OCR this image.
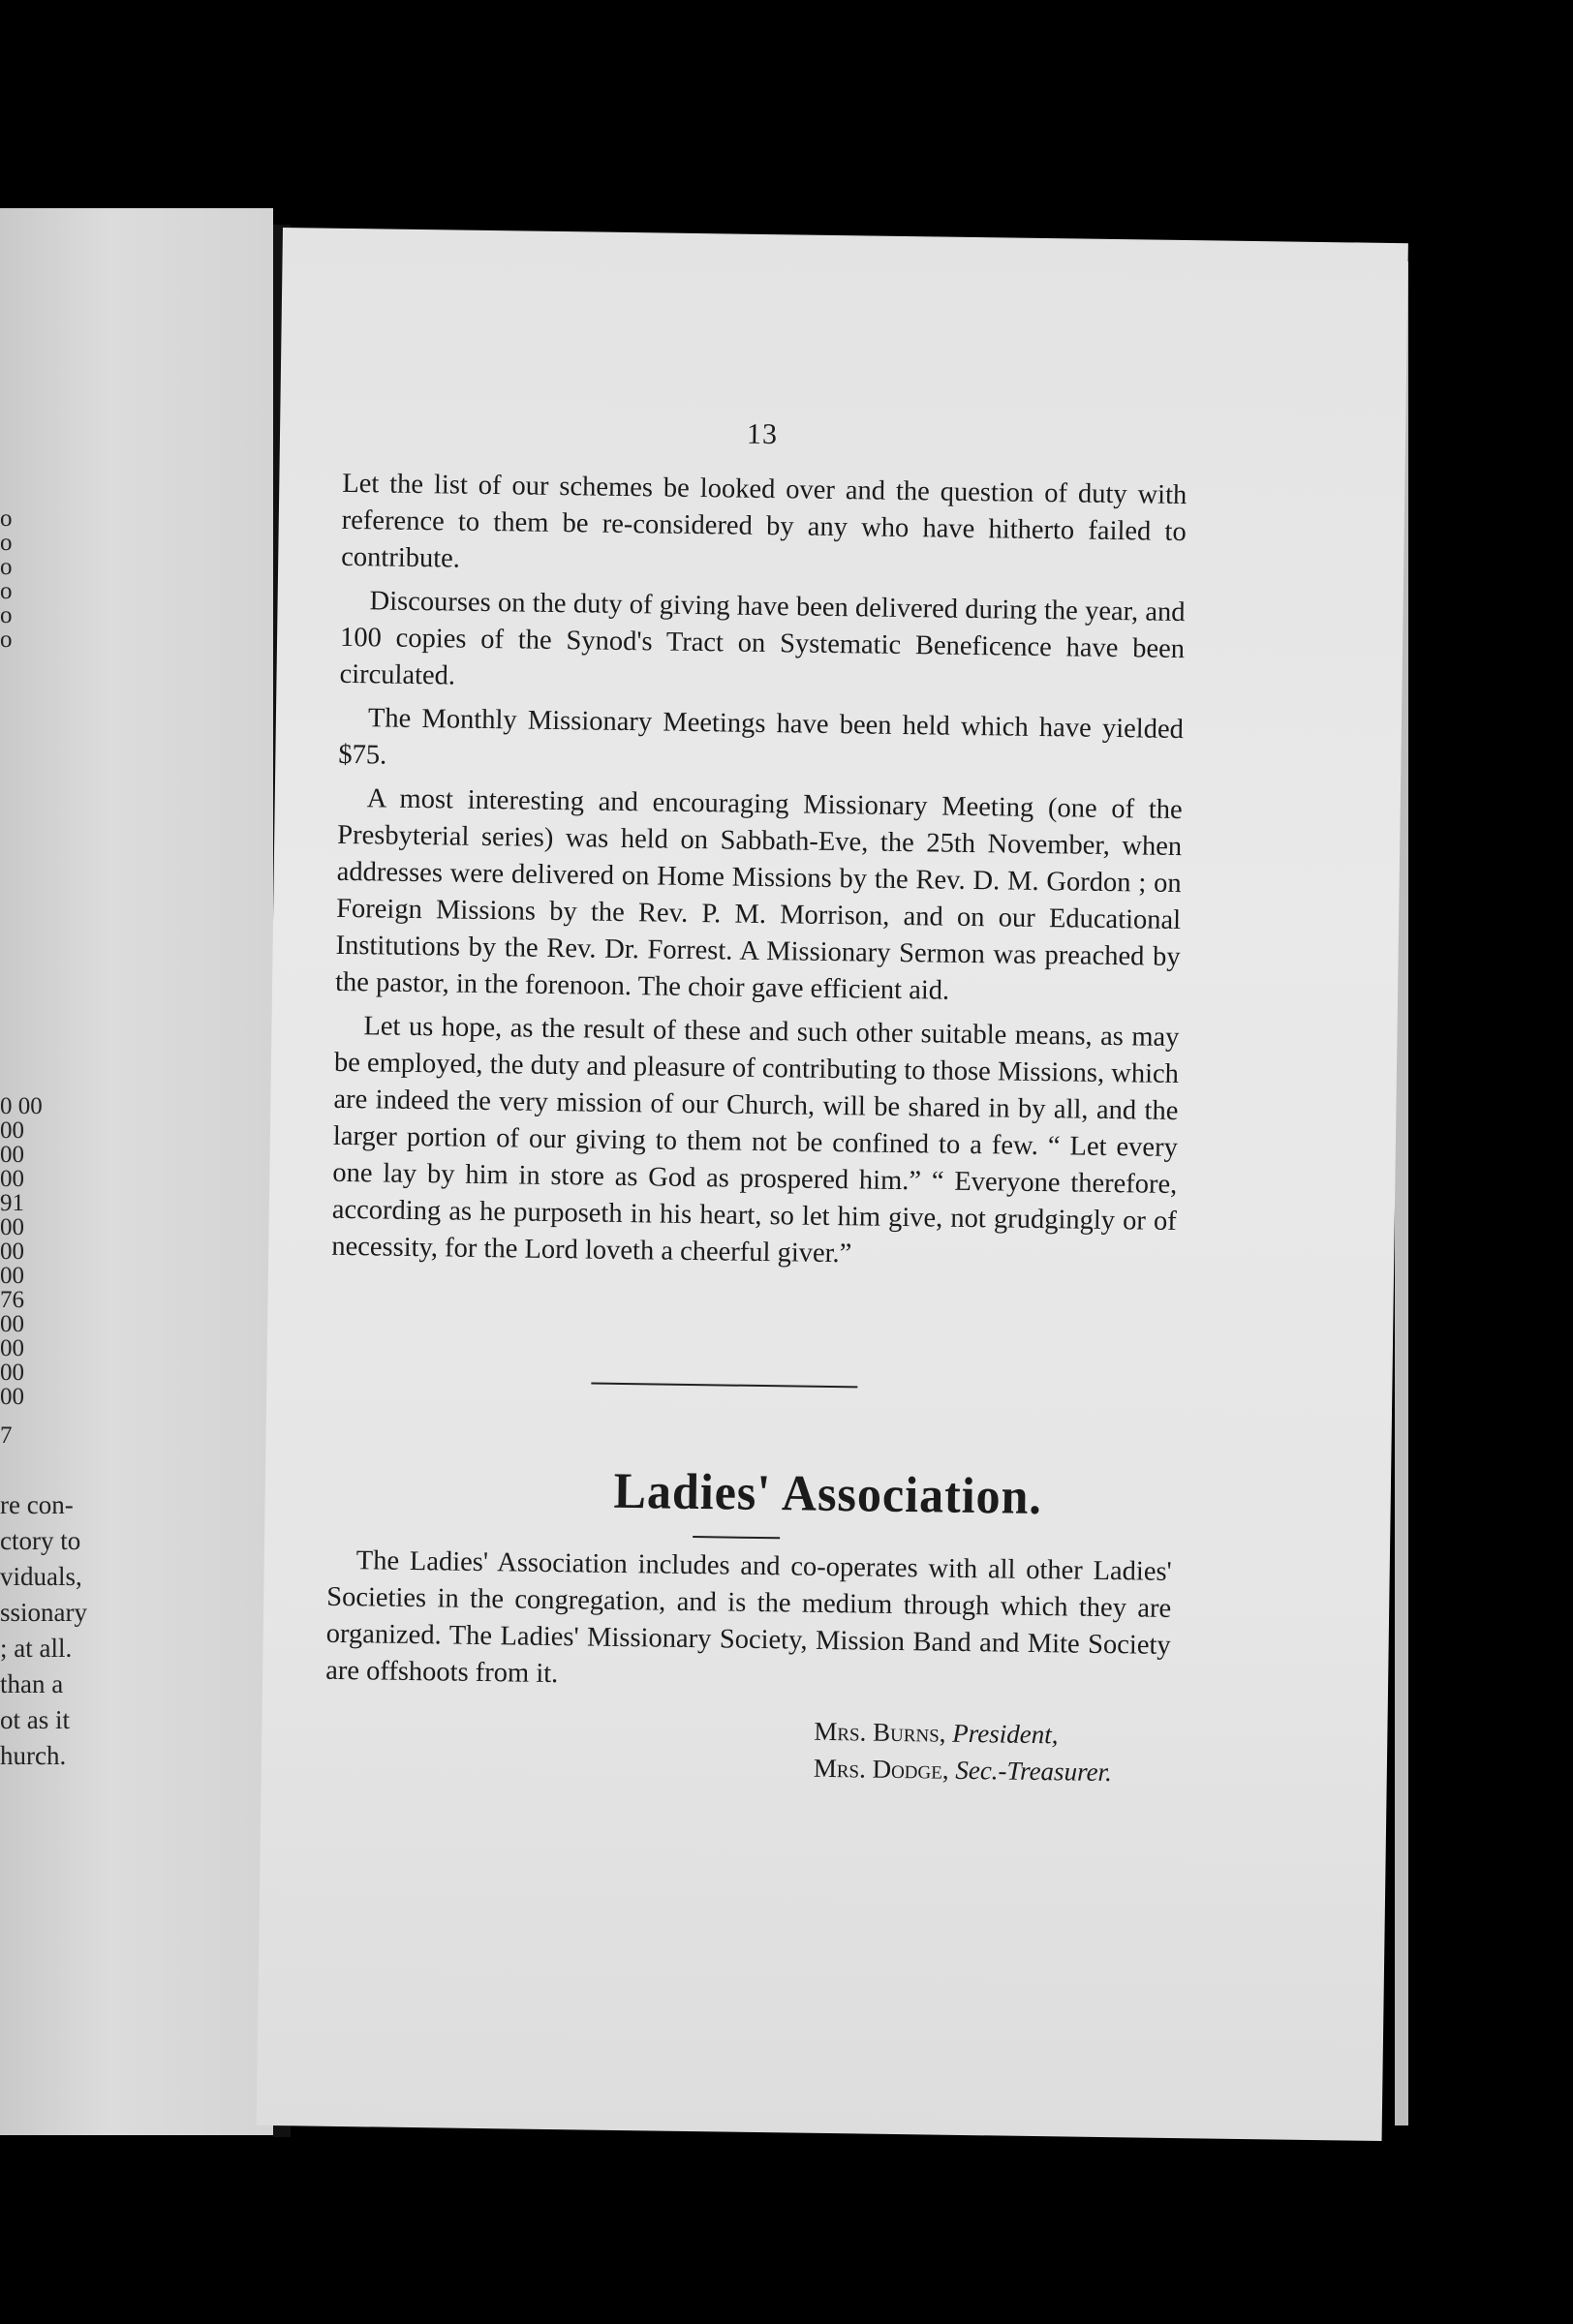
o
o
o
o
o
o
0 00
00
00
00
91
00
00
00
76
00
00
00
00
7
re con-
ctory to
viduals,
ssionary
; at all.
than a
ot as it
hurch.
13

Let the list of our schemes be looked over and the question of duty with reference to them be re-considered by any who have hitherto failed to contribute.

Discourses on the duty of giving have been delivered during the year, and 100 copies of the Synod's Tract on Systematic Beneficence have been circulated.

The Monthly Missionary Meetings have been held which have yielded $75.

A most interesting and encouraging Missionary Meeting (one of the Presbyterial series) was held on Sabbath-Eve, the 25th November, when addresses were delivered on Home Missions by the Rev. D. M. Gordon ; on Foreign Missions by the Rev. P. M. Morrison, and on our Educational Institutions by the Rev. Dr. Forrest. A Missionary Sermon was preached by the pastor, in the forenoon. The choir gave efficient aid.

Let us hope, as the result of these and such other suitable means, as may be employed, the duty and pleasure of contributing to those Missions, which are indeed the very mission of our Church, will be shared in by all, and the larger portion of our giving to them not be confined to a few. “ Let every one lay by him in store as God as prospered him.” “ Everyone therefore, according as he purposeth in his heart, so let him give, not grudgingly or of necessity, for the Lord loveth a cheerful giver.”

Ladies' Association.

The Ladies' Association includes and co-operates with all other Ladies' Societies in the congregation, and is the medium through which they are organized. The Ladies' Missionary Society, Mission Band and Mite Society are offshoots from it.

Mrs. Burns, President,
Mrs. Dodge, Sec.-Treasurer.
